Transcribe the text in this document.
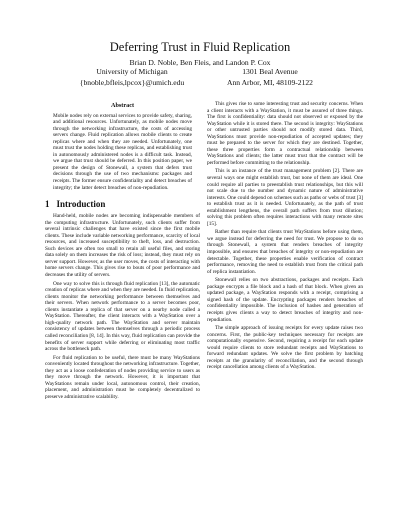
Deferring Trust in Fluid Replication
Brian D. Noble, Ben Fleis, and Landon P. Cox
University of Michigan
{bnoble,bfleis,lpcox}@umich.edu
1301 Beal Avenue
Ann Arbor, MI, 48109-2122
Abstract

Mobile nodes rely on external services to provide safety, sharing, and additional resources. Unfortunately, as mobile nodes move through the networking infrastructure, the costs of accessing servers change. Fluid replication allows mobile clients to create replicas where and when they are needed. Unfortunately, one must trust the nodes holding these replicas, and establishing trust in autonomously administered nodes is a difficult task. Instead, we argue that trust should be deferred. In this position paper, we present the design of Stonewall, a system that defers trust decisions through the use of two mechanisms: packages and receipts. The former ensure confidentiality and detect breaches of integrity; the latter detect breaches of non-repudiation.

1 Introduction

Hand-held, mobile nodes are becoming indispensable members of the computing infrastructure. Unfortunately, such clients suffer from several intrinsic challenges that have existed since the first mobile clients. These include variable networking performance, scarcity of local resources, and increased susceptibility to theft, loss, and destruction. Such devices are often too small to retain all useful files, and storing data solely on them increases the risk of loss; instead, they must rely on server support. However, as the user moves, the costs of interacting with home servers change. This gives rise to bouts of poor performance and decreases the utility of servers.

One way to solve this is through fluid replication [13], the automatic creation of replicas where and when they are needed. In fluid replication, clients monitor the networking performance between themselves and their servers. When network performance to a server becomes poor, clients instantiate a replica of that server on a nearby node called a WayStation. Thereafter, the client interacts with a WayStation over a high-quality network path. The WayStation and server maintain consistency of updates between themselves through a periodic process called reconciliation [8, 14]. In this way, fluid replication can provide the benefits of server support while deferring or eliminating most traffic across the bottleneck path.

For fluid replication to be useful, there must be many WayStations conveniently located throughout the networking infrastructure. Together, they act as a loose confederation of nodes providing service to users as they move through the network. However, it is important that WayStations remain under local, autonomous control, their creation, placement, and administration must be completely decentralized to preserve administrative scalability.

This gives rise to some interesting trust and security concerns. When a client interacts with a WayStation, it must be assured of three things. The first is confidentiality: data should not observed or exposed by the WayStation while it is stored there. The second is integrity: WayStations or other untrusted parties should not modify stored data. Third, WayStations must provide non-repudiation of accepted updates; they must be prepared to the server for which they are destined. Together, these three properties form a contractual relationship between WayStations and clients; the latter must trust that the contract will be performed before committing to the relationship.

This is an instance of the trust management problem [2]. There are several ways one might establish trust, but none of them are ideal. One could require all parties to preestablish trust relationships, but this will not scale due to the number and dynamic nature of administrative interests. One could depend on schemes such as paths or webs of trust [3] to establish trust as it is needed. Unfortunately, as the path of trust establishment lengthens, the overall path suffers from trust dilution; solving this problem often requires interactions with many remote sites [15].

Rather than require that clients trust WayStations before using them, we argue instead for deferring the need for trust. We propose to do so through Stonewall, a system that renders breaches of integrity impossible, and ensures that breaches of integrity or non-repudiation are detectable. Together, these properties enable verification of contract performance, removing the need to establish trust from the critical path of replica instantiation.

Stonewall relies on two abstractions, packages and receipts. Each package encrypts a file block and a hash of that block. When given an updated package, a WayStation responds with a receipt, comprising a signed hash of the update. Encrypting packages renders breaches of confidentiality impossible. The inclusion of hashes and generation of receipts gives clients a way to detect breaches of integrity and non-repudiation.

The simple approach of issuing receipts for every update raises two concerns. First, the public-key techniques necessary for receipts are computationally expensive. Second, requiring a receipt for each update would require clients to store redundant receipts and WayStations to forward redundant updates. We solve the first problem by batching receipts at the granularity of reconciliation, and the second through receipt cancellation among clients of a WayStation.
